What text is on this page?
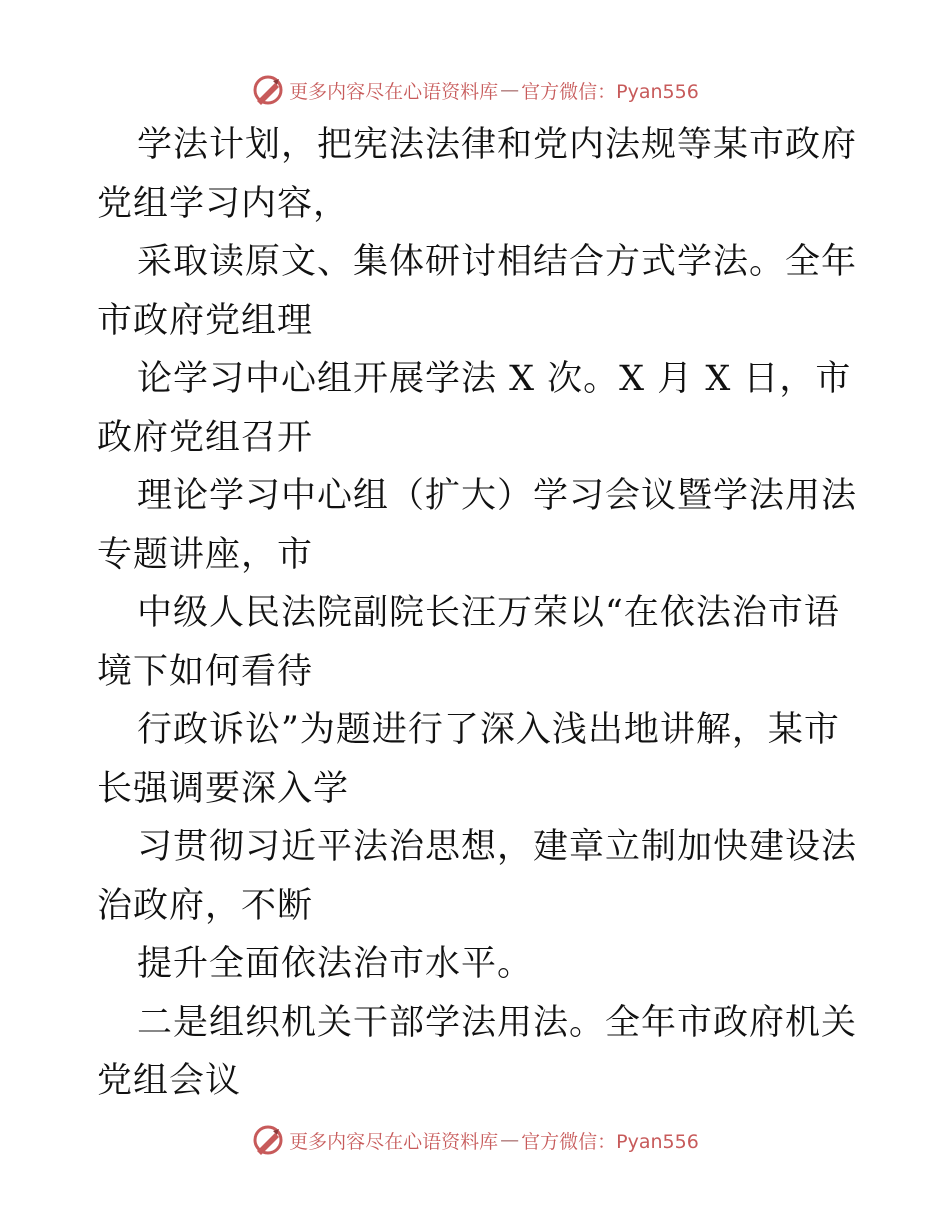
更多内容尽在心语资料库 — 官方微信：Pyan556

学法计划，把宪法法律和党内法规等某市政府党组学习内容，

采取读原文、集体研讨相结合方式学法。全年市政府党组理

论学习中心组开展学法 X 次。X 月 X 日，市政府党组召开

理论学习中心组（扩大）学习会议暨学法用法专题讲座，市

中级人民法院副院长汪万荣以“在依法治市语境下如何看待

行政诉讼”为题进行了深入浅出地讲解，某市长强调要深入学

习贯彻习近平法治思想，建章立制加快建设法治政府，不断

提升全面依法治市水平。

二是组织机关干部学法用法。全年市政府机关党组会议

更多内容尽在心语资料库 — 官方微信：Pyan556
